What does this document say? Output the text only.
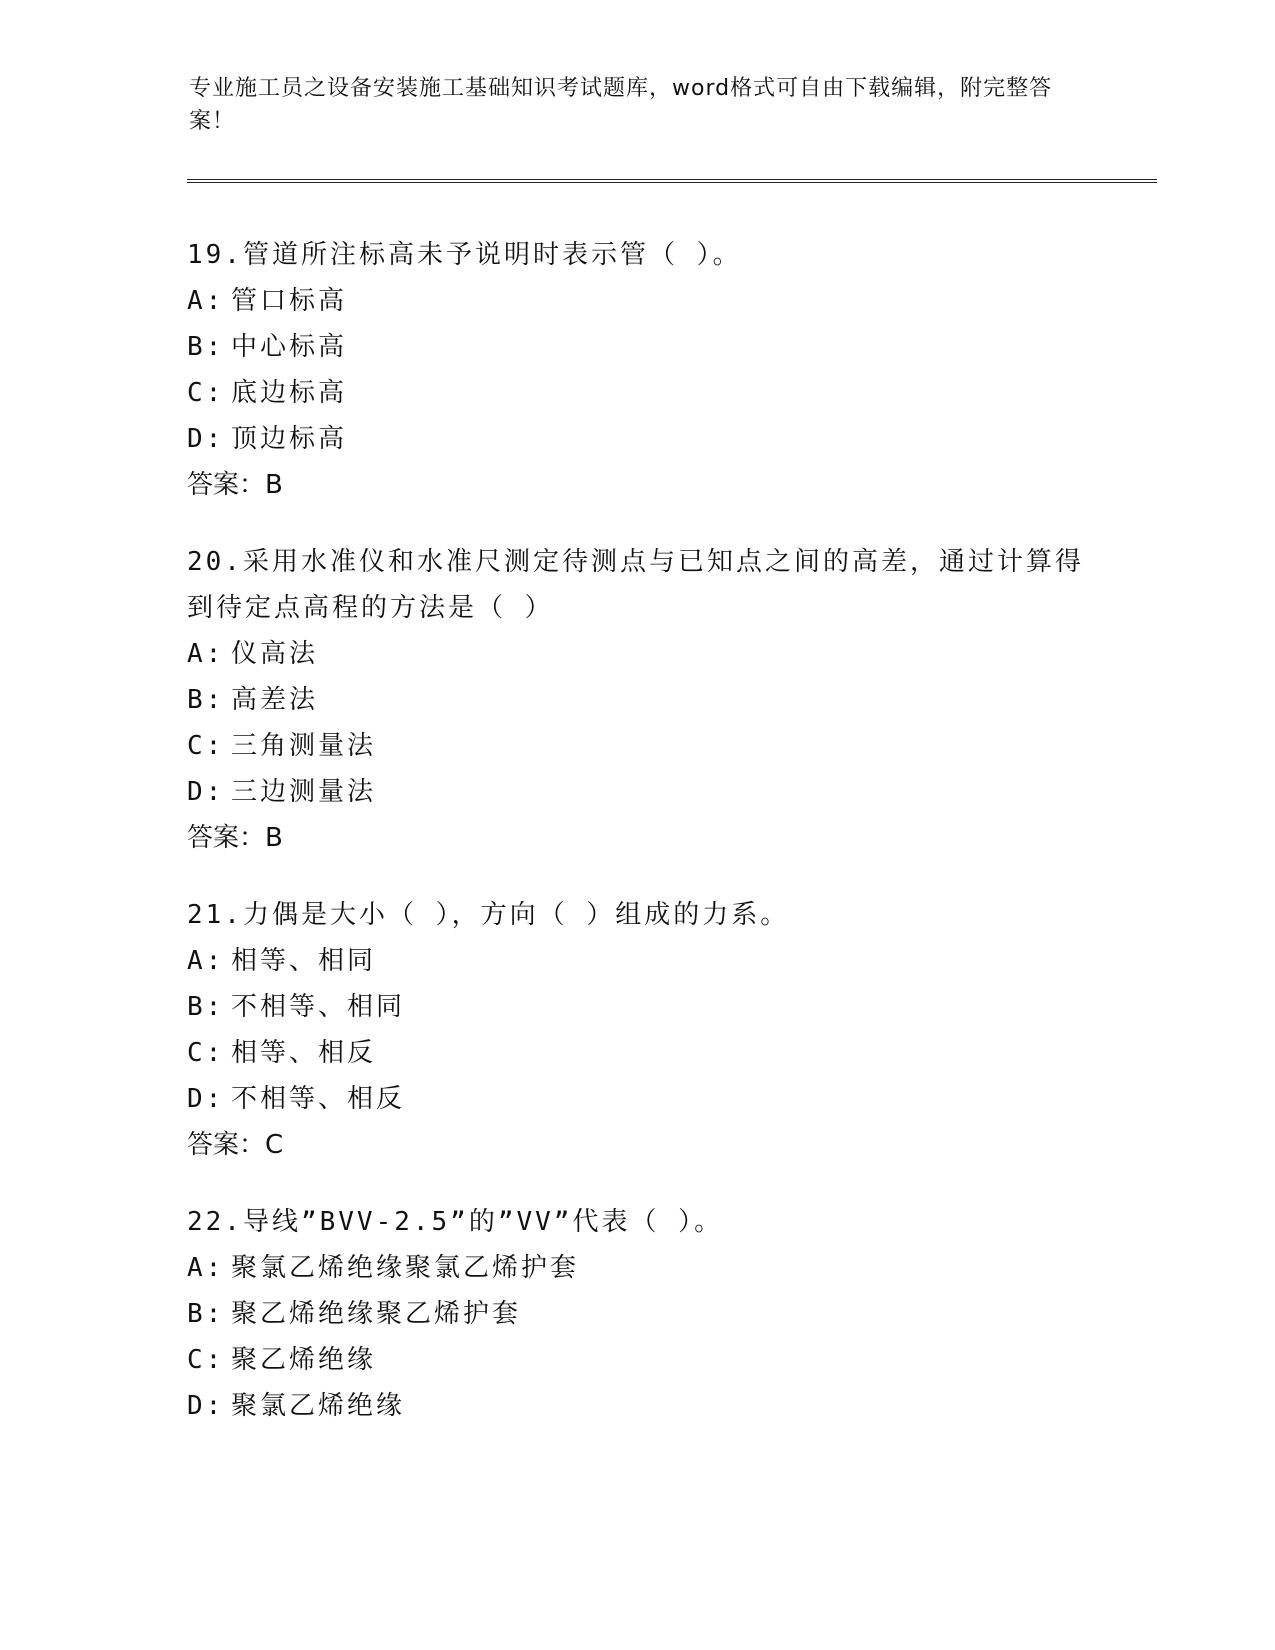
专业施工员之设备安装施工基础知识考试题库，word格式可自由下载编辑，附完整答案！

19.管道所注标高未予说明时表示管（ ）。

A: 管口标高

B: 中心标高

C: 底边标高

D: 顶边标高

答案：B

20.采用水准仪和水准尺测定待测点与已知点之间的高差，通过计算得到待定点高程的方法是（ ）

A: 仪高法

B: 高差法

C: 三角测量法

D: 三边测量法

答案：B

21.力偶是大小（ ），方向（ ）组成的力系。

A: 相等、相同

B: 不相等、相同

C: 相等、相反

D: 不相等、相反

答案：C

22.导线”BVV-2.5”的”VV”代表（ ）。

A: 聚氯乙烯绝缘聚氯乙烯护套

B: 聚乙烯绝缘聚乙烯护套

C: 聚乙烯绝缘

D: 聚氯乙烯绝缘
